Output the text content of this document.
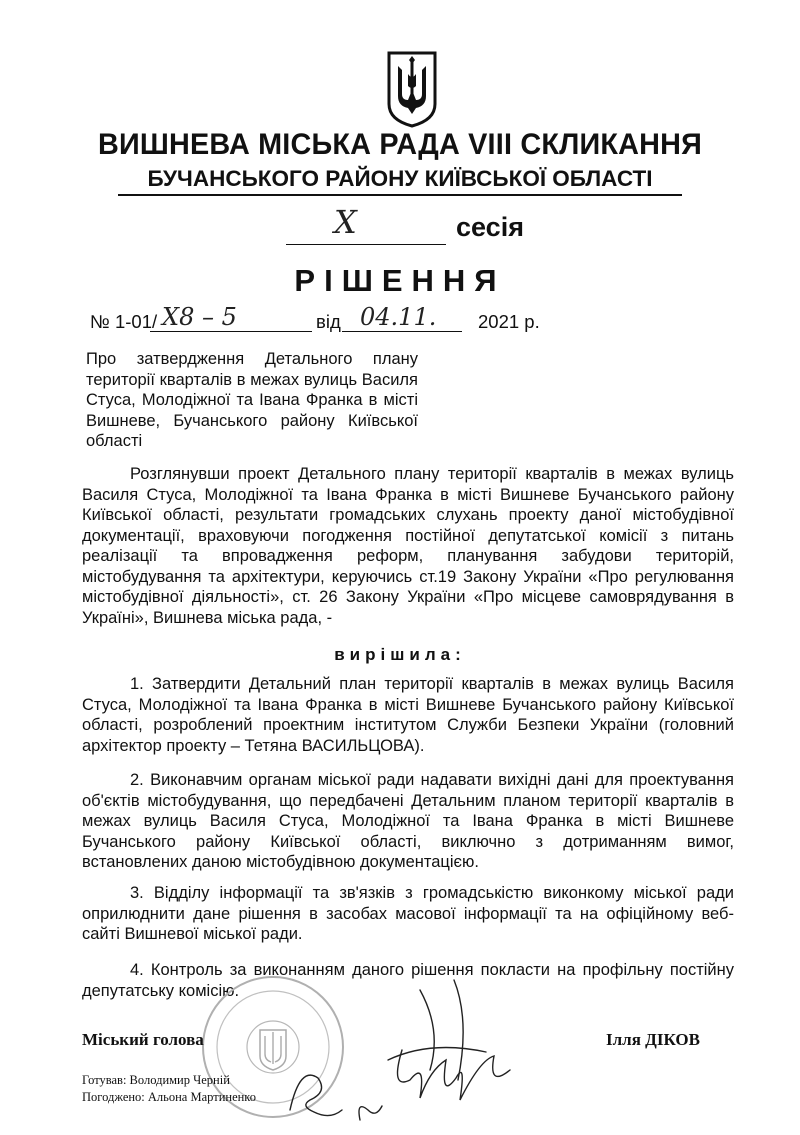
ВИШНЕВА МІСЬКА РАДА VIII СКЛИКАННЯ
БУЧАНСЬКОГО РАЙОНУ КИЇВСЬКОЇ ОБЛАСТІ
X	сесія
РІШЕННЯ
№ 1-01/ X8 – 5	від 04.11. 2021 р.
Про затвердження Детального плану території кварталів в межах вулиць Василя Стуса, Молодіжної та Івана Франка в місті Вишневе, Бучанського району Київської області
Розглянувши проект Детального плану території кварталів в межах вулиць Василя Стуса, Молодіжної та Івана Франка в місті Вишневе Бучанського району Київської області, результати громадських слухань проекту даної містобудівної документації, враховуючи погодження постійної депутатської комісії з питань реалізації та впровадження реформ, планування забудови територій, містобудування та архітектури, керуючись ст.19 Закону України «Про регулювання містобудівної діяльності», ст. 26 Закону України «Про місцеве самоврядування в Україні», Вишнева міська рада, -
вирішила:
1. Затвердити Детальний план території кварталів в межах вулиць Василя Стуса, Молодіжної та Івана Франка в місті Вишневе Бучанського району Київської області, розроблений проектним інститутом Служби Безпеки України (головний архітектор проекту – Тетяна ВАСИЛЬЦОВА).
2. Виконавчим органам міської ради надавати вихідні дані для проектування об'єктів містобудування, що передбачені Детальним планом території кварталів в межах вулиць Василя Стуса, Молодіжної та Івана Франка в місті Вишневе Бучанського району Київської області, виключно з дотриманням вимог, встановлених даною містобудівною документацією.
3. Відділу інформації та зв'язків з громадськістю виконкому міської ради оприлюднити дане рішення в засобах масової інформації та на офіційному веб-сайті Вишневої міської ради.
4. Контроль за виконанням даного рішення покласти на профільну постійну депутатську комісію.
Міський голова	Ілля ДІКОВ
Готував: Володимир Черній
Погоджено: Альона Мартиненко
